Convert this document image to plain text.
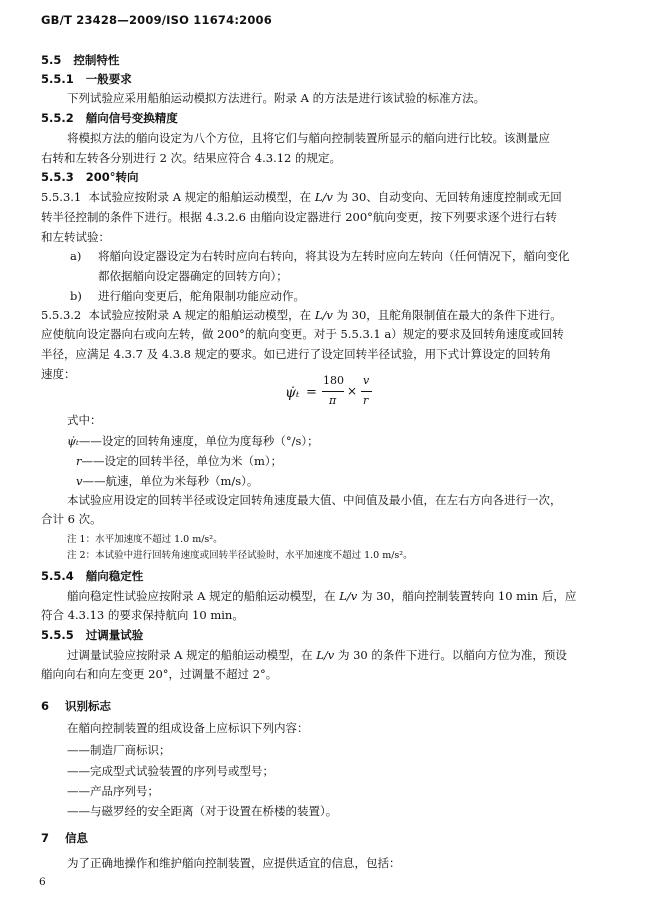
GB/T 23428—2009/ISO 11674:2006
5.5 控制特性
5.5.1 一般要求
下列试验应采用船舶运动模拟方法进行。附录 A 的方法是进行该试验的标准方法。
5.5.2 艏向信号变换精度
将模拟方法的艏向设定为八个方位，且将它们与艏向控制装置所显示的艏向进行比较。该测量应
右转和左转各分别进行 2 次。结果应符合 4.3.12 的规定。
5.5.3 200°转向
5.5.3.1 本试验应按附录 A 规定的船舶运动模型，在 L/v 为 30、自动变向、无回转角速度控制或无回
转半径控制的条件下进行。根据 4.3.2.6 由艏向设定器进行 200°航向变更，按下列要求逐个进行右转
和左转试验：
a) 将艏向设定器设定为右转时应向右转向，将其设为左转时应向左转向（任何情况下，艏向变化
都依据艏向设定器确定的回转方向）；
b) 进行艏向变更后，舵角限制功能应动作。
5.5.3.2 本试验应按附录 A 规定的船舶运动模型，在 L/v 为 30，且舵角限制值在最大的条件下进行。
应使航向设定器向右或向左转，做 200°的航向变更。对于 5.5.3.1 a）规定的要求及回转角速度或回转
半径，应满足 4.3.7 及 4.3.8 规定的要求。如已进行了设定回转半径试验，用下式计算设定的回转角
速度：
ψ̇ₜ =
180
π
×
v
r
式中：
ψ̇ₜ——设定的回转角速度，单位为度每秒（°/s）；
r——设定的回转半径，单位为米（m）；
v——航速，单位为米每秒（m/s）。
本试验应用设定的回转半径或设定回转角速度最大值、中间值及最小值，在左右方向各进行一次，
合计 6 次。
注 1：水平加速度不超过 1.0 m/s²。
注 2：本试验中进行回转角速度或回转半径试验时，水平加速度不超过 1.0 m/s²。
5.5.4 艏向稳定性
艏向稳定性试验应按附录 A 规定的船舶运动模型，在 L/v 为 30，艏向控制装置转向 10 min 后，应
符合 4.3.13 的要求保持航向 10 min。
5.5.5 过调量试验
过调量试验应按附录 A 规定的船舶运动模型，在 L/v 为 30 的条件下进行。以艏向方位为准，预设
艏向向右和向左变更 20°，过调量不超过 2°。
6 识别标志
在艏向控制装置的组成设备上应标识下列内容：
——制造厂商标识；
——完成型式试验装置的序列号或型号；
——产品序列号；
——与磁罗经的安全距离（对于设置在桥楼的装置）。
7 信息
为了正确地操作和维护艏向控制装置，应提供适宜的信息，包括：
6
